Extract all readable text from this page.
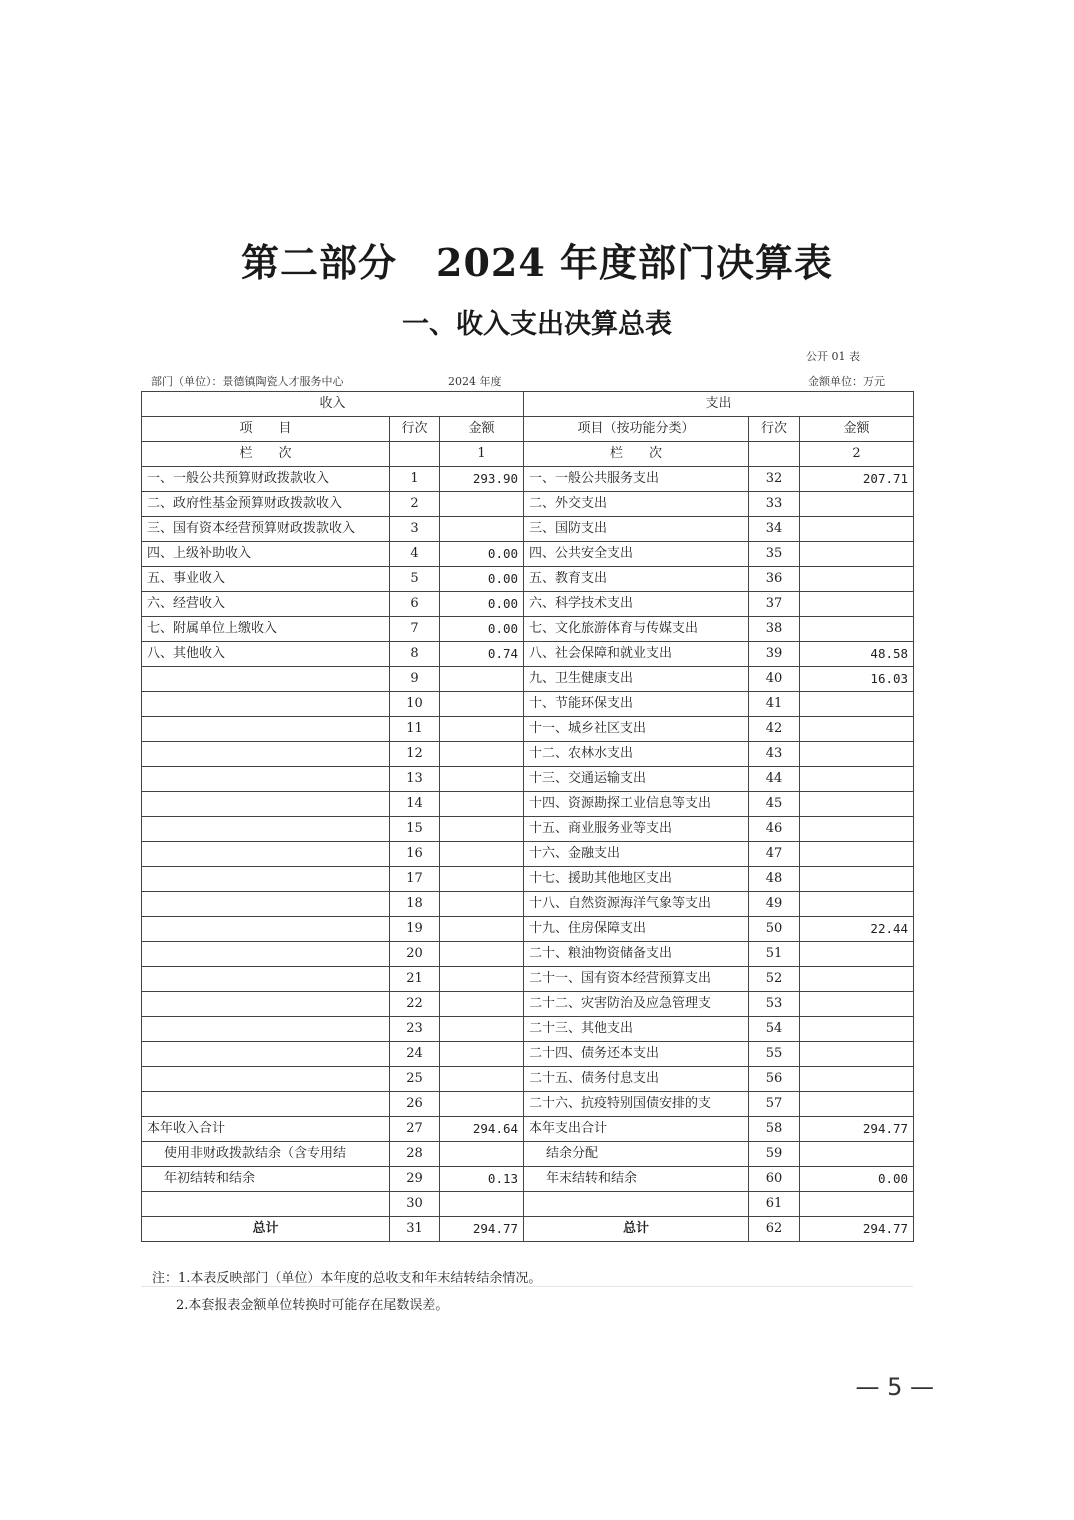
第二部分　2024 年度部门决算表
一、收入支出决算总表
公开 01 表
部门（单位）：景德镇陶瓷人才服务中心	2024 年度	金额单位：万元
收入			支出		
项　　目	行次	金额	项目（按功能分类）	行次	金额
栏　　次		1	栏　　次		2
一、一般公共预算财政拨款收入	1	293.90	一、一般公共服务支出	32	207.71
二、政府性基金预算财政拨款收入	2		二、外交支出	33	
三、国有资本经营预算财政拨款收入	3		三、国防支出	34	
四、上级补助收入	4	0.00	四、公共安全支出	35	
五、事业收入	5	0.00	五、教育支出	36	
六、经营收入	6	0.00	六、科学技术支出	37	
七、附属单位上缴收入	7	0.00	七、文化旅游体育与传媒支出	38	
八、其他收入	8	0.74	八、社会保障和就业支出	39	48.58
	9		九、卫生健康支出	40	16.03
	10		十、节能环保支出	41	
	11		十一、城乡社区支出	42	
	12		十二、农林水支出	43	
	13		十三、交通运输支出	44	
	14		十四、资源勘探工业信息等支出	45	
	15		十五、商业服务业等支出	46	
	16		十六、金融支出	47	
	17		十七、援助其他地区支出	48	
	18		十八、自然资源海洋气象等支出	49	
	19		十九、住房保障支出	50	22.44
	20		二十、粮油物资储备支出	51	
	21		二十一、国有资本经营预算支出	52	
	22		二十二、灾害防治及应急管理支	53	
	23		二十三、其他支出	54	
	24		二十四、债务还本支出	55	
	25		二十五、债务付息支出	56	
	26		二十六、抗疫特别国债安排的支	57	
本年收入合计	27	294.64	本年支出合计	58	294.77
使用非财政拨款结余（含专用结	28		结余分配	59	
年初结转和结余	29	0.13	年末结转和结余	60	0.00
	30			61	
总计	31	294.77	总计	62	294.77
注：1.本表反映部门（单位）本年度的总收支和年末结转结余情况。
2.本套报表金额单位转换时可能存在尾数误差。
— 5 —
